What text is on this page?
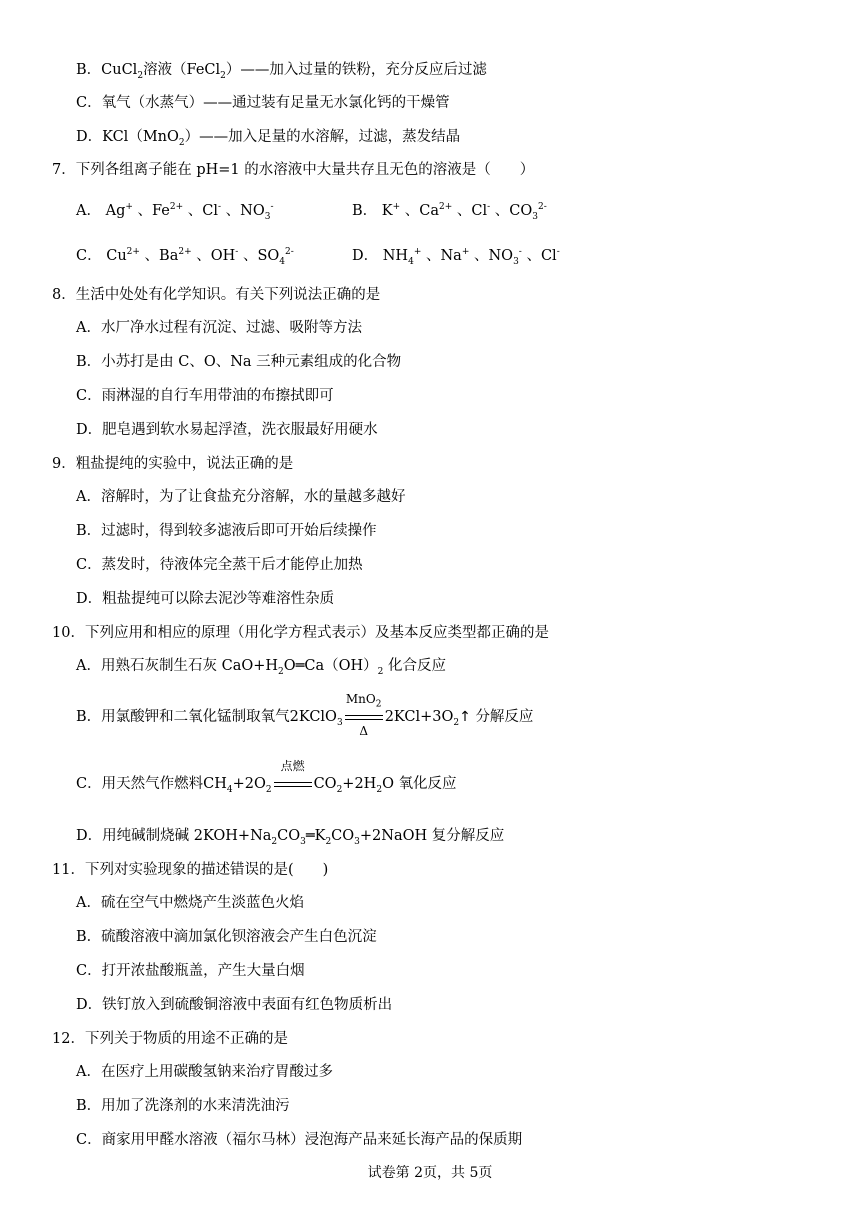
B．CuCl$_2$溶液（FeCl$_2$）——加入过量的铁粉，充分反应后过滤
C．氧气（水蒸气）——通过装有足量无水氯化钙的干燥管
D．KCl（MnO$_2$）——加入足量的水溶解，过滤，蒸发结晶
7．下列各组离子能在 pH=1 的水溶液中大量共存且无色的溶液是（　　）
A． Ag+ 、$Fe^{2+}$ 、Cl- 、$NO_3^-$	B． K+ 、$Ca^{2+}$ 、Cl- 、$CO_3^{2-}$
C． $Cu^{2+}$ 、$Ba^{2+}$ 、OH- 、$SO_4^{2-}$	D． $NH_4^+$ 、Na+ 、$NO_3^-$ 、Cl-
8．生活中处处有化学知识。有关下列说法正确的是
A．水厂净水过程有沉淀、过滤、吸附等方法
B．小苏打是由 C、O、Na 三种元素组成的化合物
C．雨淋湿的自行车用带油的布擦拭即可
D．肥皂遇到软水易起浮渣，洗衣服最好用硬水
9．粗盐提纯的实验中，说法正确的是
A．溶解时，为了让食盐充分溶解，水的量越多越好
B．过滤时，得到较多滤液后即可开始后续操作
C．蒸发时，待液体完全蒸干后才能停止加热
D．粗盐提纯可以除去泥沙等难溶性杂质
10．下列应用和相应的原理（用化学方程式表示）及基本反应类型都正确的是
A．用熟石灰制生石灰 $CaO+H_2O═Ca(OH)_2$ 化合反应
B．用氯酸钾和二氧化锰制取氧气2KClO$_3$
MnO$_2$
Δ
$2KCl+3O_2↑$ 分解反应
C．用天然气作燃料$CH_4+2O_2$
点燃
$CO_2+2H_2O$ 氧化反应
D．用纯碱制烧碱 $2KOH+Na_2CO_3═K_2CO_3+2NaOH$ 复分解反应
11．下列对实验现象的描述错误的是(　　)
A．硫在空气中燃烧产生淡蓝色火焰
B．硫酸溶液中滴加氯化钡溶液会产生白色沉淀
C．打开浓盐酸瓶盖，产生大量白烟
D．铁钉放入到硫酸铜溶液中表面有红色物质析出
12．下列关于物质的用途不正确的是
A．在医疗上用碳酸氢钠来治疗胃酸过多
B．用加了洗涤剂的水来清洗油污
C．商家用甲醛水溶液（福尔马林）浸泡海产品来延长海产品的保质期
试卷第 2页，共 5页
